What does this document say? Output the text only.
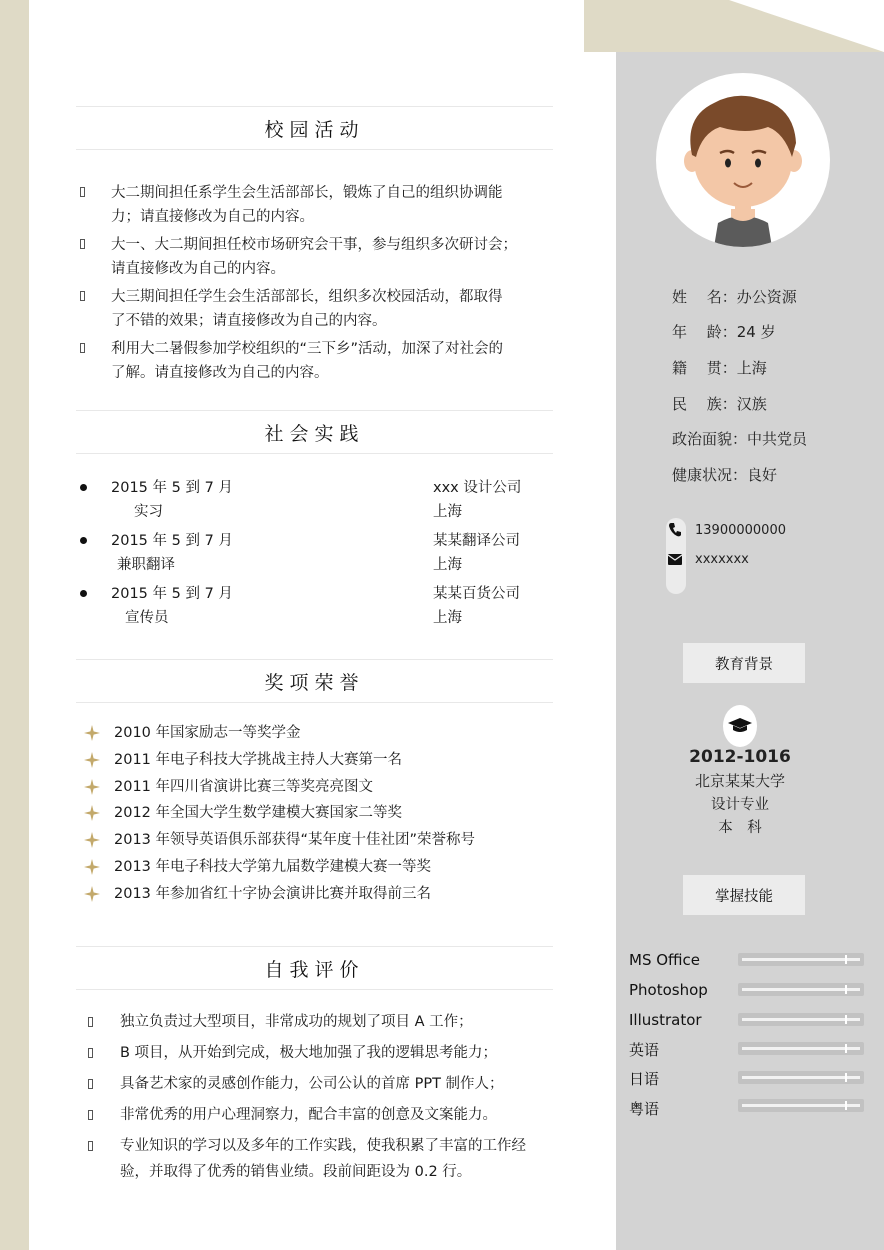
校园活动
大二期间担任系学生会生活部部长，锻炼了自己的组织协调能
力；请直接修改为自己的内容。
大一、大二期间担任校市场研究会干事，参与组织多次研讨会；
请直接修改为自己的内容。
大三期间担任学生会生活部部长，组织多次校园活动，都取得
了不错的效果；请直接修改为自己的内容。
利用大二暑假参加学校组织的“三下乡”活动，加深了对社会的
了解。请直接修改为自己的内容。
社会实践
2015 年 5 到 7 月
实习
xxx 设计公司
上海
2015 年 5 到 7 月
兼职翻译
某某翻译公司
上海
2015 年 5 到 7 月
宣传员
某某百货公司
上海
奖项荣誉
2010 年国家励志一等奖学金
2011 年电子科技大学挑战主持人大赛第一名
2011 年四川省演讲比赛三等奖亮亮图文
2012 年全国大学生数学建模大赛国家二等奖
2013 年领导英语俱乐部获得“某年度十佳社团”荣誉称号
2013 年电子科技大学第九届数学建模大赛一等奖
2013 年参加省红十字协会演讲比赛并取得前三名
自我评价
独立负责过大型项目，非常成功的规划了项目 A 工作；
B 项目，从开始到完成，极大地加强了我的逻辑思考能力；
具备艺术家的灵感创作能力，公司公认的首席 PPT 制作人；
非常优秀的用户心理洞察力，配合丰富的创意及文案能力。
专业知识的学习以及多年的工作实践，使我积累了丰富的工作经
验，并取得了优秀的销售业绩。段前间距设为 0.2 行。
姓　 名：办公资源
年　 龄：24 岁
籍　 贯：上海
民　 族：汉族
政治面貌：中共党员
健康状况：良好
13900000000
xxxxxxx
教育背景
2012-1016
北京某某大学
设计专业
本　科
掌握技能
MS Office
Photoshop
Illustrator
英语
日语
粤语
